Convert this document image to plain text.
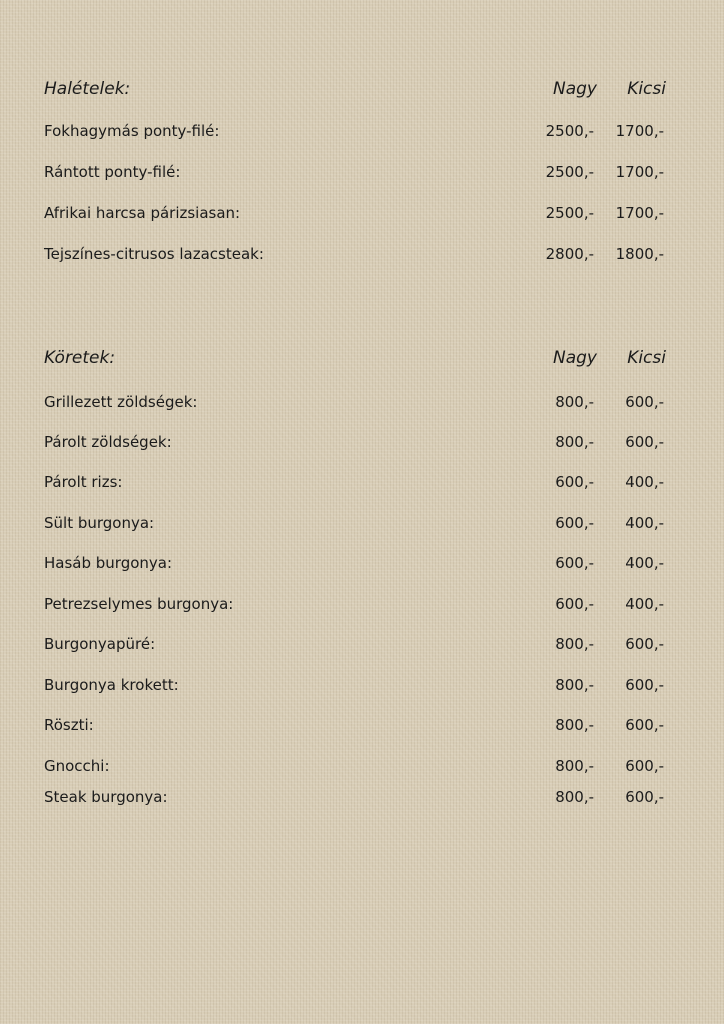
Halételek:	Nagy Kicsi
Fokhagymás ponty-filé:	2500,- 1700,-
Rántott ponty-filé:	2500,- 1700,-
Afrikai harcsa párizsiasan:	2500,- 1700,-
Tejszínes-citrusos lazacsteak:	2800,- 1800,-
Köretek:	Nagy Kicsi
Grillezett zöldségek:	800,- 600,-
Párolt zöldségek:	800,- 600,-
Párolt rizs:	600,- 400,-
Sült burgonya:	600,- 400,-
Hasáb burgonya:	600,- 400,-
Petrezselymes burgonya:	600,- 400,-
Burgonyapüré:	800,- 600,-
Burgonya krokett:	800,- 600,-
Röszti:	800,- 600,-
Gnocchi:	800,- 600,-
Steak burgonya:	800,- 600,-
